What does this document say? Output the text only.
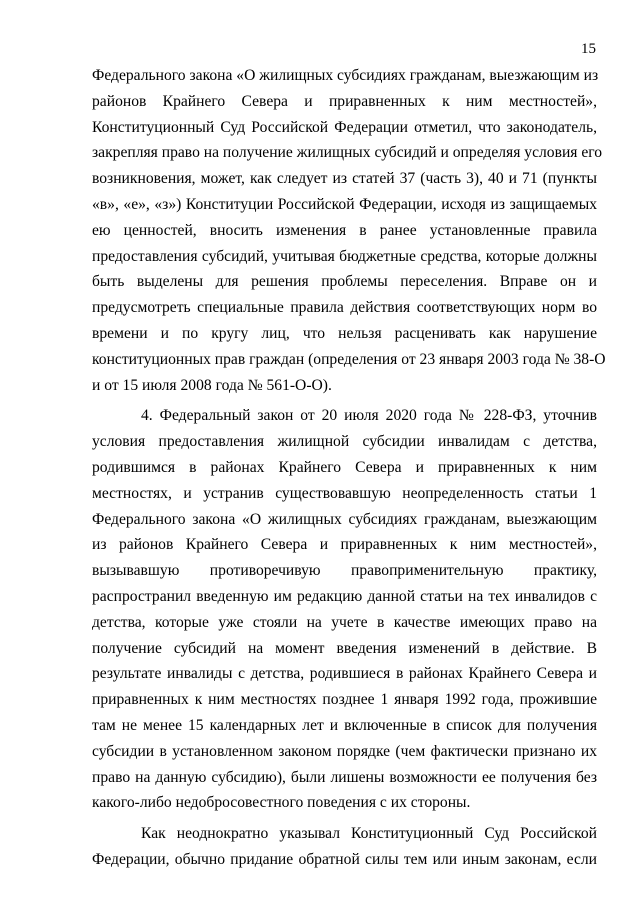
15
Федерального закона «О жилищных субсидиях гражданам, выезжающим из
районов Крайнего Севера и приравненных к ним местностей»,
Конституционный Суд Российской Федерации отметил, что законодатель,
закрепляя право на получение жилищных субсидий и определяя условия его
возникновения, может, как следует из статей 37 (часть 3), 40 и 71 (пункты
«в», «е», «з») Конституции Российской Федерации, исходя из защищаемых
ею ценностей, вносить изменения в ранее установленные правила
предоставления субсидий, учитывая бюджетные средства, которые должны
быть выделены для решения проблемы переселения. Вправе он и
предусмотреть специальные правила действия соответствующих норм во
времени и по кругу лиц, что нельзя расценивать как нарушение
конституционных прав граждан (определения от 23 января 2003 года № 38-О
и от 15 июля 2008 года № 561-О-О).
4. Федеральный закон от 20 июля 2020 года № 228-ФЗ, уточнив
условия предоставления жилищной субсидии инвалидам с детства,
родившимся в районах Крайнего Севера и приравненных к ним
местностях, и устранив существовавшую неопределенность статьи 1
Федерального закона «О жилищных субсидиях гражданам, выезжающим
из районов Крайнего Севера и приравненных к ним местностей»,
вызывавшую противоречивую правоприменительную практику,
распространил введенную им редакцию данной статьи на тех инвалидов с
детства, которые уже стояли на учете в качестве имеющих право на
получение субсидий на момент введения изменений в действие. В
результате инвалиды с детства, родившиеся в районах Крайнего Севера и
приравненных к ним местностях позднее 1 января 1992 года, прожившие
там не менее 15 календарных лет и включенные в список для получения
субсидии в установленном законом порядке (чем фактически признано их
право на данную субсидию), были лишены возможности ее получения без
какого-либо недобросовестного поведения с их стороны.
Как неоднократно указывал Конституционный Суд Российской
Федерации, обычно придание обратной силы тем или иным законам, если
